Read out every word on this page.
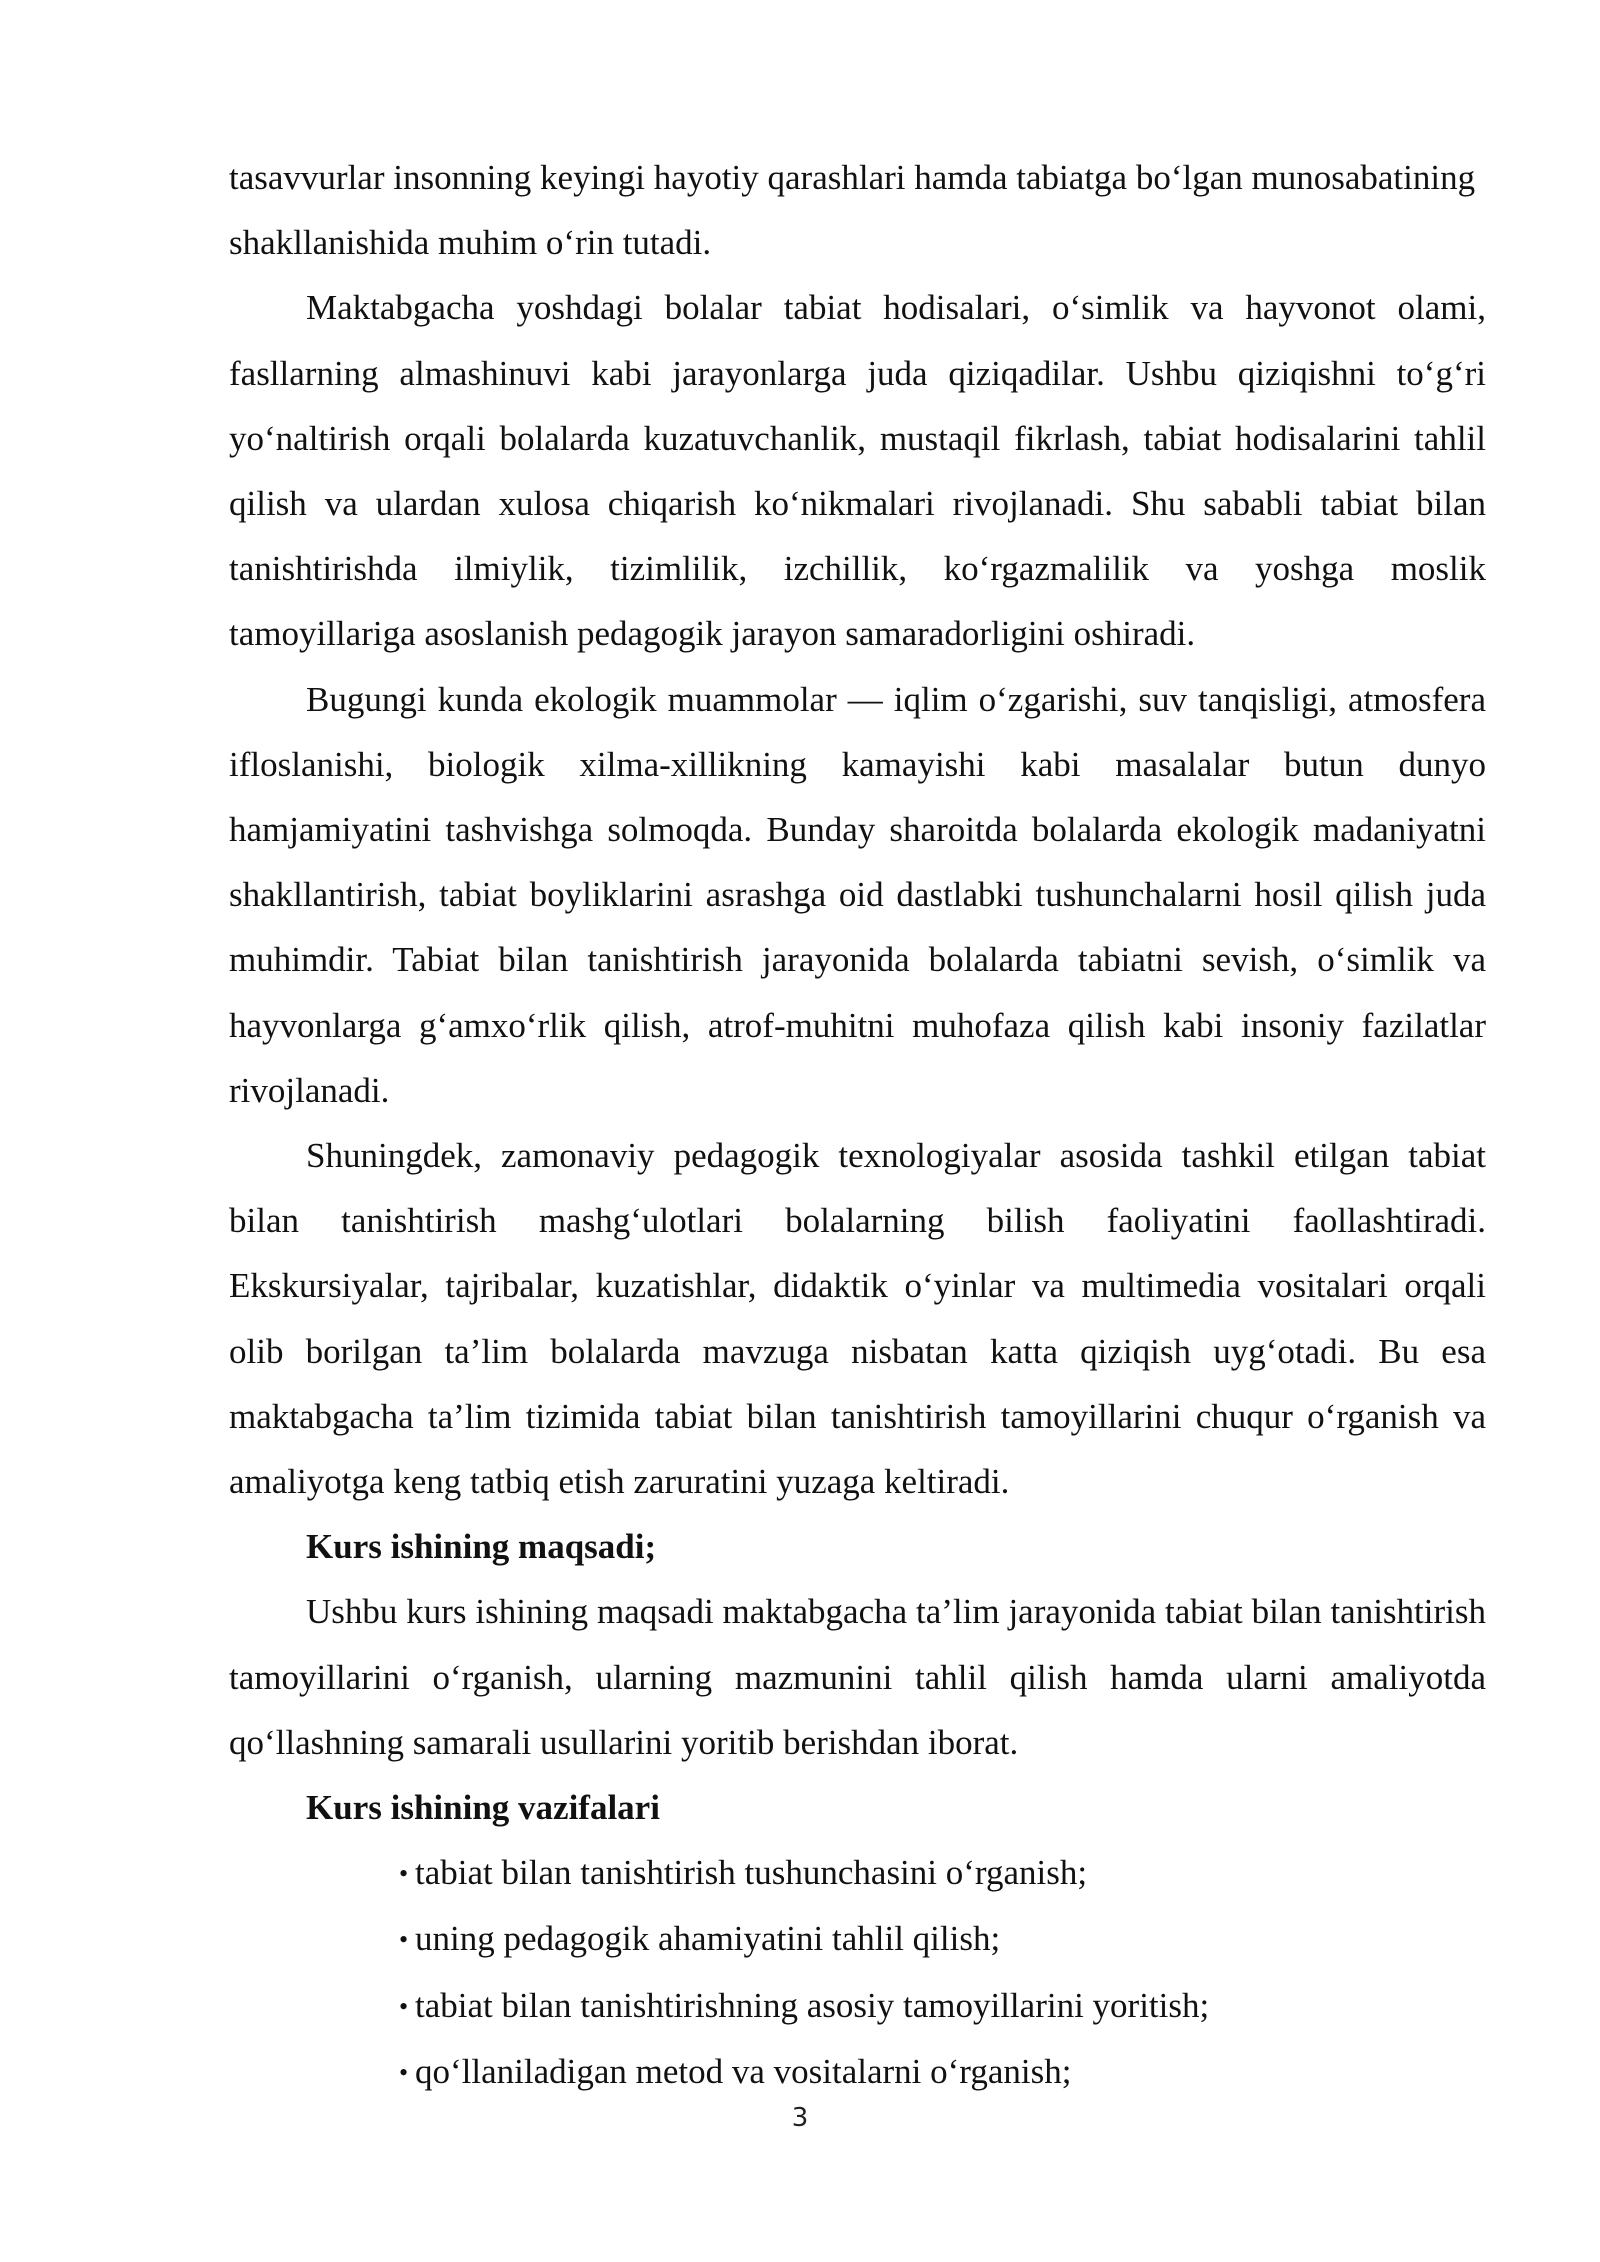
tasavvurlar insonning keyingi hayotiy qarashlari hamda tabiatga bo‘lgan munosabatining shakllanishida muhim o‘rin tutadi.

Maktabgacha yoshdagi bolalar tabiat hodisalari, o‘simlik va hayvonot olami, fasllarning almashinuvi kabi jarayonlarga juda qiziqadilar. Ushbu qiziqishni to‘g‘ri yo‘naltirish orqali bolalarda kuzatuvchanlik, mustaqil fikrlash, tabiat hodisalarini tahlil qilish va ulardan xulosa chiqarish ko‘nikmalari rivojlanadi. Shu sababli tabiat bilan tanishtirishda ilmiylik, tizimlilik, izchillik, ko‘rgazmalilik va yoshga moslik tamoyillariga asoslanish pedagogik jarayon samaradorligini oshiradi.

Bugungi kunda ekologik muammolar — iqlim o‘zgarishi, suv tanqisligi, atmosfera ifloslanishi, biologik xilma-xillikning kamayishi kabi masalalar butun dunyo hamjamiyatini tashvishga solmoqda. Bunday sharoitda bolalarda ekologik madaniyatni shakllantirish, tabiat boyliklarini asrashga oid dastlabki tushunchalarni hosil qilish juda muhimdir. Tabiat bilan tanishtirish jarayonida bolalarda tabiatni sevish, o‘simlik va hayvonlarga g‘amxo‘rlik qilish, atrof-muhitni muhofaza qilish kabi insoniy fazilatlar rivojlanadi.

Shuningdek, zamonaviy pedagogik texnologiyalar asosida tashkil etilgan tabiat bilan tanishtirish mashg‘ulotlari bolalarning bilish faoliyatini faollashtiradi. Ekskursiyalar, tajribalar, kuzatishlar, didaktik o‘yinlar va multimedia vositalari orqali olib borilgan ta’lim bolalarda mavzuga nisbatan katta qiziqish uyg‘otadi. Bu esa maktabgacha ta’lim tizimida tabiat bilan tanishtirish tamoyillarini chuqur o‘rganish va amaliyotga keng tatbiq etish zaruratini yuzaga keltiradi.

Kurs ishining maqsadi;

Ushbu kurs ishining maqsadi maktabgacha ta’lim jarayonida tabiat bilan tanishtirish tamoyillarini o‘rganish, ularning mazmunini tahlil qilish hamda ularni amaliyotda qo‘llashning samarali usullarini yoritib berishdan iborat.

Kurs ishining vazifalari
• tabiat bilan tanishtirish tushunchasini o‘rganish;
• uning pedagogik ahamiyatini tahlil qilish;
• tabiat bilan tanishtirishning asosiy tamoyillarini yoritish;
• qo‘llaniladigan metod va vositalarni o‘rganish;
3
